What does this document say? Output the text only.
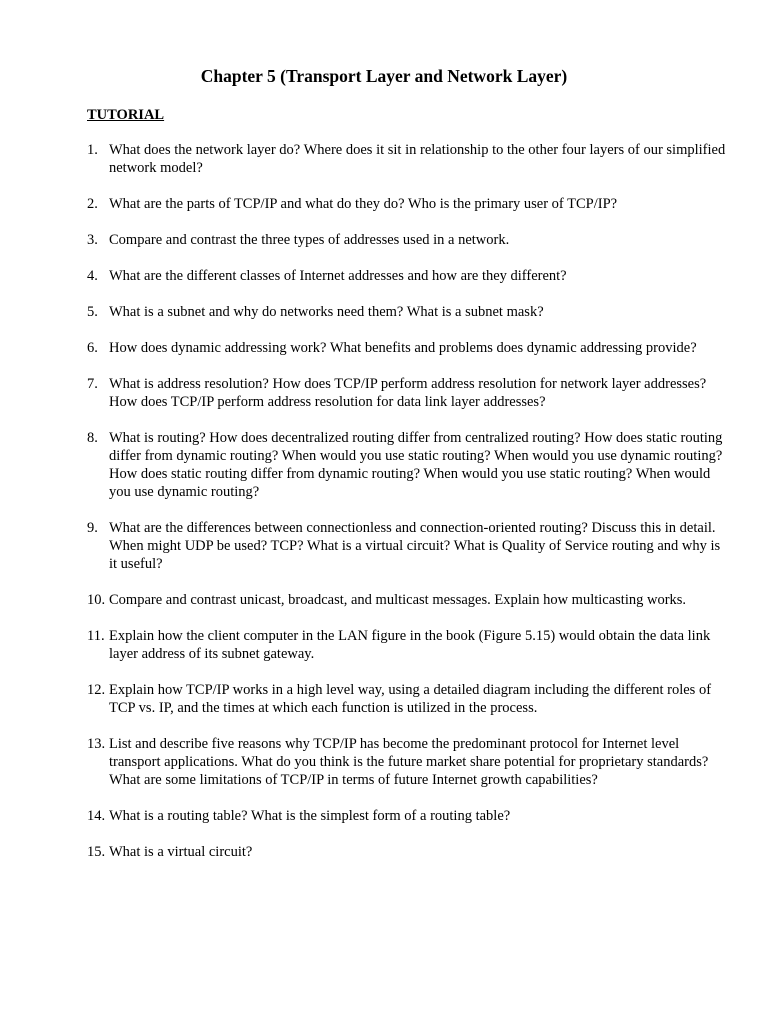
Chapter 5 (Transport Layer and Network Layer)
TUTORIAL
1. What does the network layer do? Where does it sit in relationship to the other four layers of our simplified network model?
2. What are the parts of TCP/IP and what do they do? Who is the primary user of TCP/IP?
3. Compare and contrast the three types of addresses used in a network.
4. What are the different classes of Internet addresses and how are they different?
5. What is a subnet and why do networks need them? What is a subnet mask?
6. How does dynamic addressing work? What benefits and problems does dynamic addressing provide?
7. What is address resolution? How does TCP/IP perform address resolution for network layer addresses? How does TCP/IP perform address resolution for data link layer addresses?
8. What is routing? How does decentralized routing differ from centralized routing? How does static routing differ from dynamic routing? When would you use static routing? When would you use dynamic routing? How does static routing differ from dynamic routing? When would you use static routing? When would you use dynamic routing?
9. What are the differences between connectionless and connection-oriented routing? Discuss this in detail. When might UDP be used? TCP? What is a virtual circuit? What is Quality of Service routing and why is it useful?
10. Compare and contrast unicast, broadcast, and multicast messages. Explain how multicasting works.
11. Explain how the client computer in the LAN figure in the book (Figure 5.15) would obtain the data link layer address of its subnet gateway.
12. Explain how TCP/IP works in a high level way, using a detailed diagram including the different roles of TCP vs. IP, and the times at which each function is utilized in the process.
13. List and describe five reasons why TCP/IP has become the predominant protocol for Internet level transport applications. What do you think is the future market share potential for proprietary standards? What are some limitations of TCP/IP in terms of future Internet growth capabilities?
14. What is a routing table? What is the simplest form of a routing table?
15. What is a virtual circuit?
